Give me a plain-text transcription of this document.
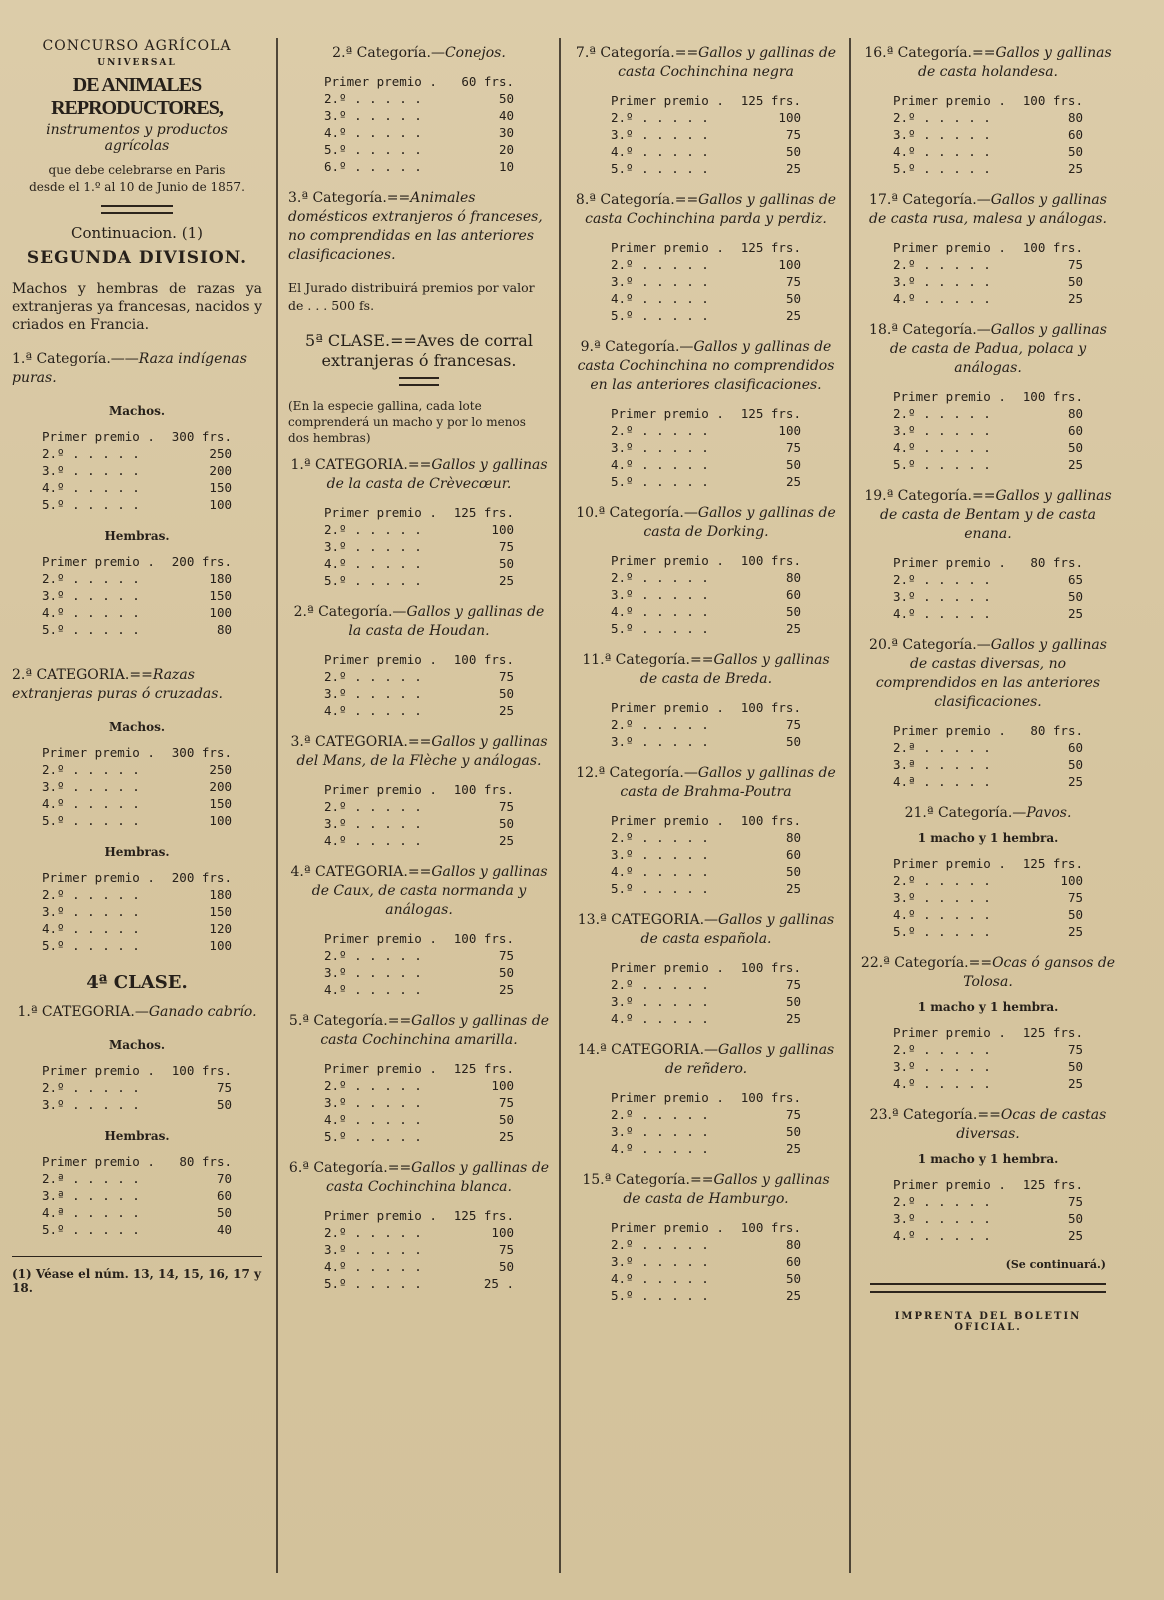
CONCURSO AGRÍCOLA
UNIVERSAL
DE ANIMALES REPRODUCTORES,
instrumentos y productos agrícolas
que debe celebrarse en Paris
desde el 1.º al 10 de Junio de 1857.
Continuacion. (1)
SEGUNDA DIVISION.
Machos y hembras de razas ya extranjeras ya francesas, nacidos y criados en Francia.
1.ª Categoría.——Raza indígenas puras.
Machos.
Primer premio . 300 frs.
2.º . . . . .	250
3.º . . . . .	200
4.º . . . . .	150
5.º . . . . .	100
Hembras.
Primer premio . 200 frs.
2.º . . . . .	180
3.º . . . . .	150
4.º . . . . .	100
5.º . . . . .	80
2.ª CATEGORIA.==Razas extranjeras puras ó cruzadas.
Machos.
Primer premio . 300 frs.
2.º . . . . .	250
3.º . . . . .	200
4.º . . . . .	150
5.º . . . . .	100
Hembras.
Primer premio . 200 frs.
2.º . . . . .	180
3.º . . . . .	150
4.º . . . . .	120
5.º . . . . .	100
4ª CLASE.
1.ª CATEGORIA.—Ganado cabrío.
Machos.
Primer premio . 100 frs.
2.º . . . . .	75
3.º . . . . .	50
Hembras.
Primer premio . 80 frs.
2.ª . . . . .	70
3.ª . . . . .	60
4.ª . . . . .	50
5.º . . . . .	40
(1) Véase el núm. 13, 14, 15, 16, 17 y 18.
2.ª Categoría.—Conejos.
Primer premio . 60 frs.
2.º . . . . .	50
3.º . . . . .	40
4.º . . . . .	30
5.º . . . . .	20
6.º . . . . .	10
3.ª Categoría.==Animales domésticos extranjeros ó franceses, no comprendidas en las anteriores clasificaciones.
El Jurado distribuirá premios por valor de . . . 500 fs.
5ª CLASE.==Aves de corral extranjeras ó francesas.
(En la especie gallina, cada lote comprenderá un macho y por lo menos dos hembras)
1.ª CATEGORIA.==Gallos y gallinas de la casta de Crèvecœur.
Primer premio . 125 frs.
2.º . . . . .	100
3.º . . . . .	75
4.º . . . . .	50
5.º . . . . .	25
2.ª Categoría.—Gallos y gallinas de la casta de Houdan.
Primer premio . 100 frs.
2.º . . . . .	75
3.º . . . . .	50
4.º . . . . .	25
3.ª CATEGORIA.==Gallos y gallinas del Mans, de la Flèche y análogas.
Primer premio . 100 frs.
2.º . . . . .	75
3.º . . . . .	50
4.º . . . . .	25
4.ª CATEGORIA.==Gallos y gallinas de Caux, de casta normanda y análogas.
Primer premio . 100 frs.
2.º . . . . .	75
3.º . . . . .	50
4.º . . . . .	25
5.ª Categoría.==Gallos y gallinas de casta Cochinchina amarilla.
Primer premio . 125 frs.
2.º . . . . .	100
3.º . . . . .	75
4.º . . . . .	50
5.º . . . . .	25
6.ª Categoría.==Gallos y gallinas de casta Cochinchina blanca.
Primer premio . 125 frs.
2.º . . . . .	100
3.º . . . . .	75
4.º . . . . .	50
5.º . . . . .	25 .
7.ª Categoría.==Gallos y gallinas de casta Cochinchina negra
Primer premio . 125 frs.
2.º . . . . .	100
3.º . . . . .	75
4.º . . . . .	50
5.º . . . . .	25
8.ª Categoría.==Gallos y gallinas de casta Cochinchina parda y perdiz.
Primer premio . 125 frs.
2.º . . . . .	100
3.º . . . . .	75
4.º . . . . .	50
5.º . . . . .	25
9.ª Categoría.—Gallos y gallinas de casta Cochinchina no comprendidos en las anteriores clasificaciones.
Primer premio . 125 frs.
2.º . . . . .	100
3.º . . . . .	75
4.º . . . . .	50
5.º . . . . .	25
10.ª Categoría.—Gallos y gallinas de casta de Dorking.
Primer premio . 100 frs.
2.º . . . . .	80
3.º . . . . .	60
4.º . . . . .	50
5.º . . . . .	25
11.ª Categoría.==Gallos y gallinas de casta de Breda.
Primer premio . 100 frs.
2.º . . . . .	75
3.º . . . . .	50
12.ª Categoría.—Gallos y gallinas de casta de Brahma-Poutra
Primer premio . 100 frs.
2.º . . . . .	80
3.º . . . . .	60
4.º . . . . .	50
5.º . . . . .	25
13.ª CATEGORIA.—Gallos y gallinas de casta española.
Primer premio . 100 frs.
2.º . . . . .	75
3.º . . . . .	50
4.º . . . . .	25
14.ª CATEGORIA.—Gallos y gallinas de reñdero.
Primer premio . 100 frs.
2.º . . . . .	75
3.º . . . . .	50
4.º . . . . .	25
15.ª Categoría.==Gallos y gallinas de casta de Hamburgo.
Primer premio . 100 frs.
2.º . . . . .	80
3.º . . . . .	60
4.º . . . . .	50
5.º . . . . .	25
16.ª Categoría.==Gallos y gallinas de casta holandesa.
Primer premio . 100 frs.
2.º . . . . .	80
3.º . . . . .	60
4.º . . . . .	50
5.º . . . . .	25
17.ª Categoría.—Gallos y gallinas de casta rusa, malesa y análogas.
Primer premio . 100 frs.
2.º . . . . .	75
3.º . . . . .	50
4.º . . . . .	25
18.ª Categoría.—Gallos y gallinas de casta de Padua, polaca y análogas.
Primer premio . 100 frs.
2.º . . . . .	80
3.º . . . . .	60
4.º . . . . .	50
5.º . . . . .	25
19.ª Categoría.==Gallos y gallinas de casta de Bentam y de casta enana.
Primer premio . 80 frs.
2.º . . . . .	65
3.º . . . . .	50
4.º . . . . .	25
20.ª Categoría.—Gallos y gallinas de castas diversas, no comprendidos en las anteriores clasificaciones.
Primer premio . 80 frs.
2.ª . . . . .	60
3.ª . . . . .	50
4.ª . . . . .	25
21.ª Categoría.—Pavos.
1 macho y 1 hembra.
Primer premio . 125 frs.
2.º . . . . .	100
3.º . . . . .	75
4.º . . . . .	50
5.º . . . . .	25
22.ª Categoría.==Ocas ó gansos de Tolosa.
1 macho y 1 hembra.
Primer premio . 125 frs.
2.º . . . . .	75
3.º . . . . .	50
4.º . . . . .	25
23.ª Categoría.==Ocas de castas diversas.
1 macho y 1 hembra.
Primer premio . 125 frs.
2.º . . . . .	75
3.º . . . . .	50
4.º . . . . .	25
(Se continuará.)
IMPRENTA DEL BOLETIN OFICIAL.
